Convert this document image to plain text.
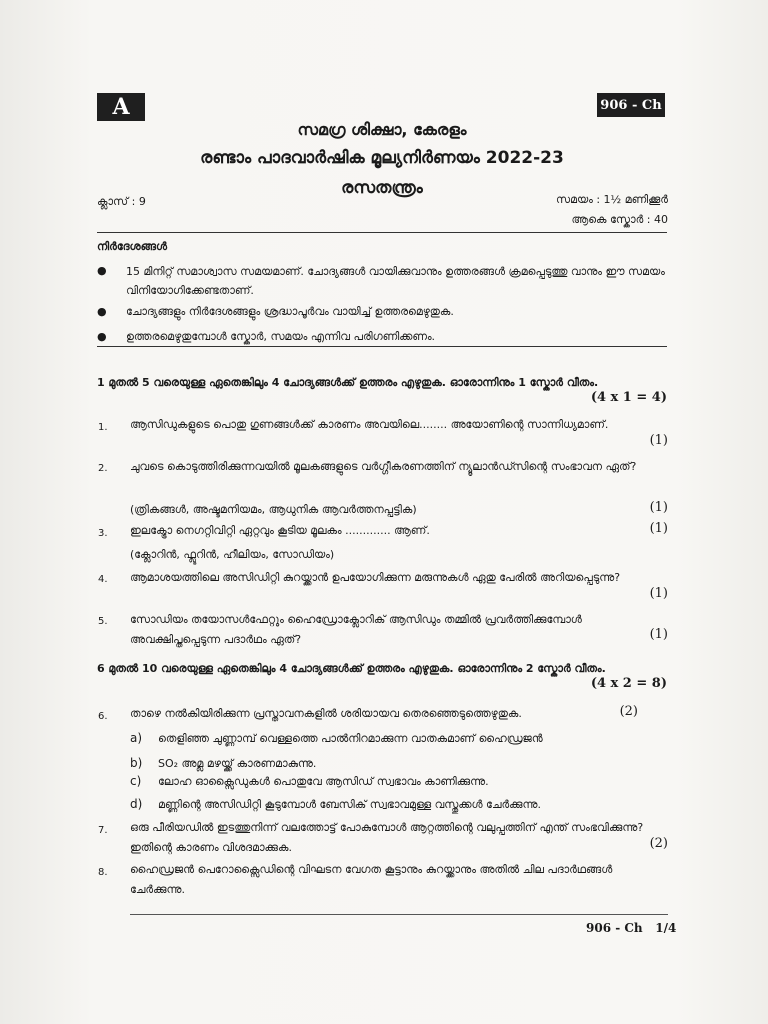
A	906 - Ch
സമഗ്ര ശിക്ഷാ, കേരളം
രണ്ടാം പാദവാർഷിക മൂല്യനിർണയം 2022-23
രസതന്ത്രം
ക്ലാസ് : 9	സമയം : 1½ മണിക്കൂർ
ആകെ സ്കോർ : 40
നിർദേശങ്ങൾ
● 15 മിനിറ്റ് സമാശ്വാസ സമയമാണ്. ചോദ്യങ്ങൾ വായിക്കുവാനും ഉത്തരങ്ങൾ ക്രമപ്പെടുത്തു വാനും ഈ സമയം വിനിയോഗിക്കേണ്ടതാണ്.
● ചോദ്യങ്ങളും നിർദേശങ്ങളും ശ്രദ്ധാപൂർവം വായിച്ച് ഉത്തരമെഴുതുക.
● ഉത്തരമെഴുതുമ്പോൾ സ്കോർ, സമയം എന്നിവ പരിഗണിക്കണം.
1 മുതൽ 5 വരെയുള്ള ഏതെങ്കിലും 4 ചോദ്യങ്ങൾക്ക് ഉത്തരം എഴുതുക. ഓരോന്നിനും 1 സ്കോർ വീതം.
(4 x 1 = 4)
1. ആസിഡുകളുടെ പൊതു ഗുണങ്ങൾക്ക് കാരണം അവയിലെ........ അയോണിന്റെ സാന്നിധ്യമാണ്.
(1)
2. ചുവടെ കൊടുത്തിരിക്കുന്നവയിൽ മൂലകങ്ങളുടെ വർഗ്ഗീകരണത്തിന് ന്യൂലാൻഡ്സിന്റെ സംഭാവന ഏത്?
(ത്രികങ്ങൾ, അഷ്ടമനിയമം, ആധുനിക ആവർത്തനപ്പട്ടിക)	(1)
3. ഇലക്ട്രോ നെഗറ്റിവിറ്റി ഏറ്റവും കൂടിയ മൂലകം ............. ആണ്.	(1)
(ക്ലോറിൻ, ഫ്ലൂറിൻ, ഹീലിയം, സോഡിയം)
4. ആമാശയത്തിലെ അസിഡിറ്റി കുറയ്ക്കാൻ ഉപയോഗിക്കുന്ന മരുന്നുകൾ ഏതു പേരിൽ അറിയപ്പെടുന്നു?
(1)
5. സോഡിയം തയോസൾഫേറ്റും ഹൈഡ്രോക്ലോറിക് ആസിഡും തമ്മിൽ പ്രവർത്തിക്കുമ്പോൾ അവക്ഷിപ്തപ്പെടുന്ന പദാർഥം ഏത്?	(1)
6 മുതൽ 10 വരെയുള്ള ഏതെങ്കിലും 4 ചോദ്യങ്ങൾക്ക് ഉത്തരം എഴുതുക. ഓരോന്നിനും 2 സ്കോർ വീതം.
(4 x 2 = 8)
6. താഴെ നൽകിയിരിക്കുന്ന പ്രസ്താവനകളിൽ ശരിയായവ തെരഞ്ഞെടുത്തെഴുതുക.	(2)
a) തെളിഞ്ഞ ചുണ്ണാമ്പ് വെള്ളത്തെ പാൽനിറമാക്കുന്ന വാതകമാണ് ഹൈഡ്രജൻ
b) SO₂ അമ്ല മഴയ്ക്ക് കാരണമാകുന്നു.
c) ലോഹ ഓക്സൈഡുകൾ പൊതുവേ ആസിഡ് സ്വഭാവം കാണിക്കുന്നു.
d) മണ്ണിന്റെ അസിഡിറ്റി കൂടുമ്പോൾ ബേസിക് സ്വഭാവമുള്ള വസ്തുക്കൾ ചേർക്കുന്നു.
7. ഒരു പീരിയഡിൽ ഇടത്തുനിന്ന് വലത്തോട്ട് പോകുമ്പോൾ ആറ്റത്തിന്റെ വലുപ്പത്തിന് എന്ത് സംഭവിക്കുന്നു? ഇതിന്റെ കാരണം വിശദമാക്കുക.	(2)
8. ഹൈഡ്രജൻ പെറോക്സൈഡിന്റെ വിഘടന വേഗത കൂട്ടാനും കുറയ്ക്കാനും അതിൽ ചില പദാർഥങ്ങൾ ചേർക്കുന്നു.
906 - Ch 1/4
